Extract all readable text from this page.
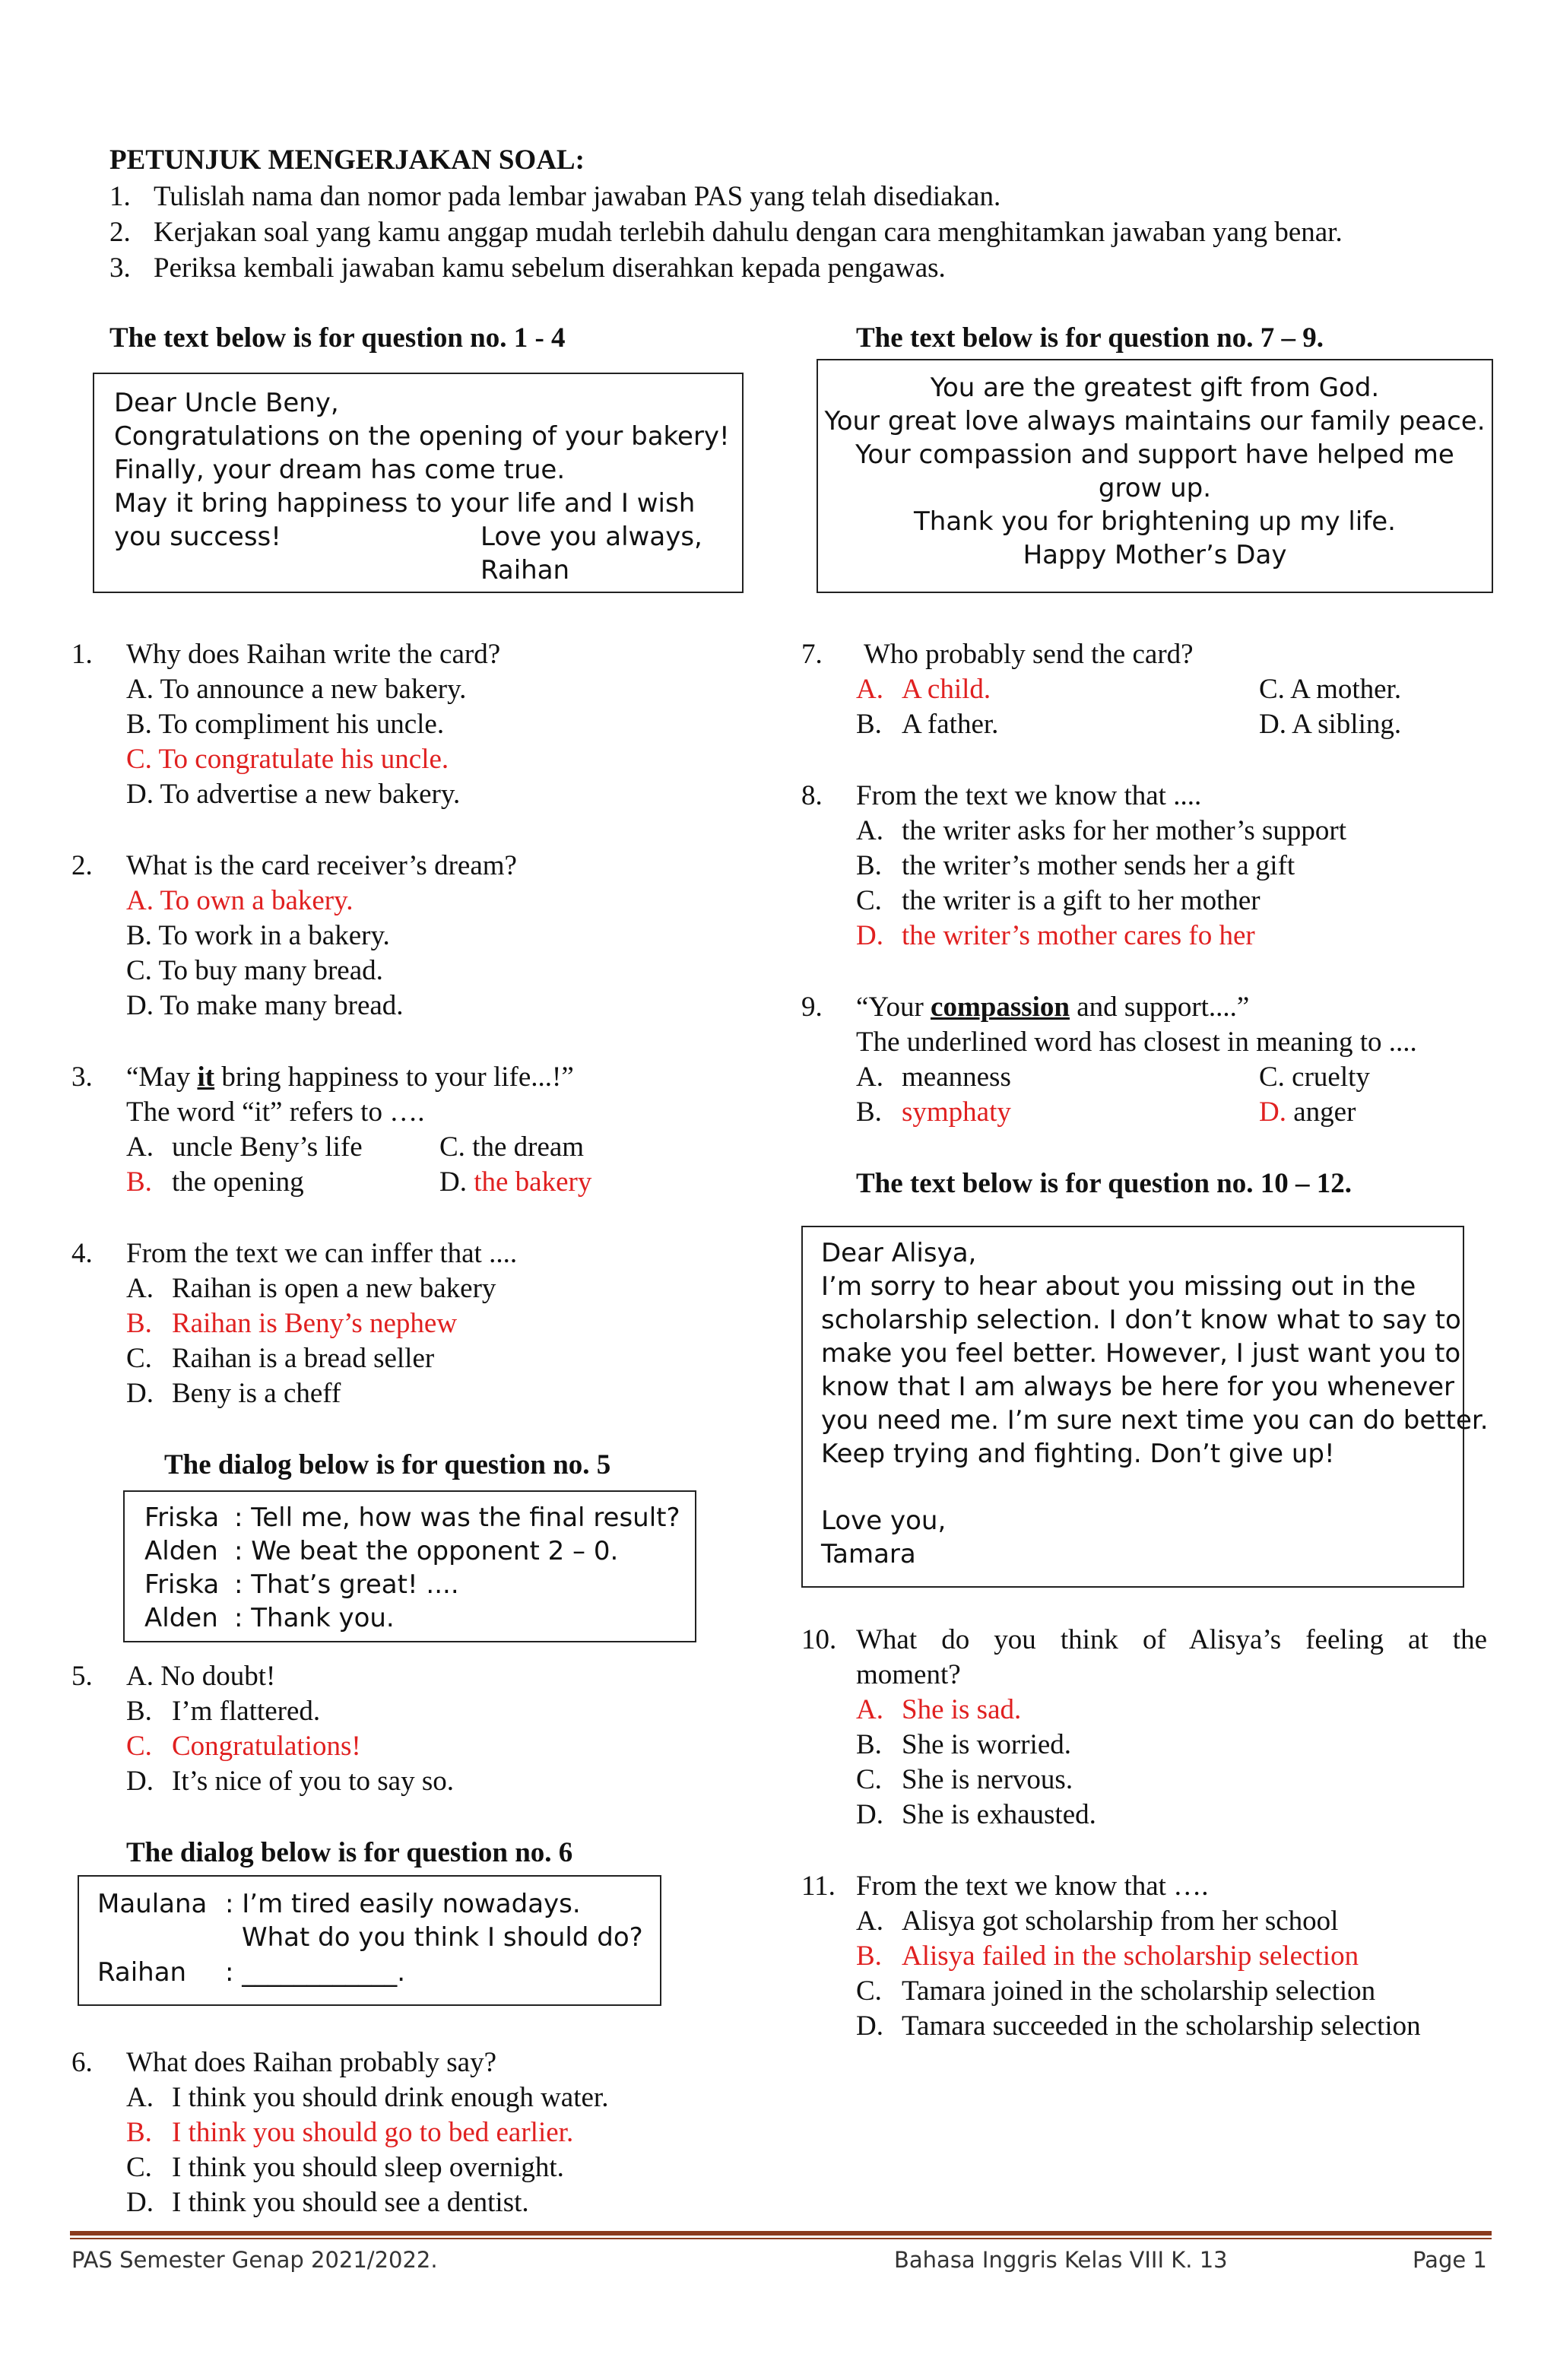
PETUNJUK MENGERJAKAN SOAL:
1. Tulislah nama dan nomor pada lembar jawaban PAS yang telah disediakan.
2. Kerjakan soal yang kamu anggap mudah terlebih dahulu dengan cara menghitamkan jawaban yang benar.
3. Periksa kembali jawaban kamu sebelum diserahkan kepada pengawas.
The text below is for question no. 1 - 4
Dear Uncle Beny,
Congratulations on the opening of your bakery!
Finally, your dream has come true.
May it bring happiness to your life and I wish
you success!	Love you always,
Raihan
The text below is for question no. 7 – 9.
You are the greatest gift from God.
Your great love always maintains our family peace.
Your compassion and support have helped me
grow up.
Thank you for brightening up my life.
Happy Mother’s Day
1. Why does Raihan write the card?
A. To announce a new bakery.
B. To compliment his uncle.
C. To congratulate his uncle.
D. To advertise a new bakery.
2. What is the card receiver’s dream?
A. To own a bakery.
B. To work in a bakery.
C. To buy many bread.
D. To make many bread.
3. “May it bring happiness to your life...!”
The word “it” refers to ….
A. uncle Beny’s life	C. the dream
B. the opening	D. the bakery
4. From the text we can inffer that ....
A. Raihan is open a new bakery
B. Raihan is Beny’s nephew
C. Raihan is a bread seller
D. Beny is a cheff
The dialog below is for question no. 5
Friska : Tell me, how was the final result?
Alden : We beat the opponent 2 – 0.
Friska : That’s great! ....
Alden : Thank you.
5. A. No doubt!
B. I’m flattered.
C. Congratulations!
D. It’s nice of you to say so.
The dialog below is for question no. 6
Maulana : I’m tired easily nowadays.
What do you think I should do?
Raihan : ____________.
6. What does Raihan probably say?
A. I think you should drink enough water.
B. I think you should go to bed earlier.
C. I think you should sleep overnight.
D. I think you should see a dentist.
7. Who probably send the card?
A. A child.	C. A mother.
B. A father.	D. A sibling.
8. From the text we know that ....
A. the writer asks for her mother’s support
B. the writer’s mother sends her a gift
C. the writer is a gift to her mother
D. the writer’s mother cares fo her
9. “Your compassion and support....”
The underlined word has closest in meaning to ....
A. meanness	C. cruelty
B. symphaty	D. anger
The text below is for question no. 10 – 12.
Dear Alisya,
I’m sorry to hear about you missing out in the
scholarship selection. I don’t know what to say to
make you feel better. However, I just want you to
know that I am always be here for you whenever
you need me. I’m sure next time you can do better.
Keep trying and fighting. Don’t give up!
Love you,
Tamara
10. What do you think of Alisya’s feeling at the
moment?
A. She is sad.
B. She is worried.
C. She is nervous.
D. She is exhausted.
11. From the text we know that ….
A. Alisya got scholarship from her school
B. Alisya failed in the scholarship selection
C. Tamara joined in the scholarship selection
D. Tamara succeeded in the scholarship selection
PAS Semester Genap 2021/2022.	Bahasa Inggris Kelas VIII K. 13	Page 1
